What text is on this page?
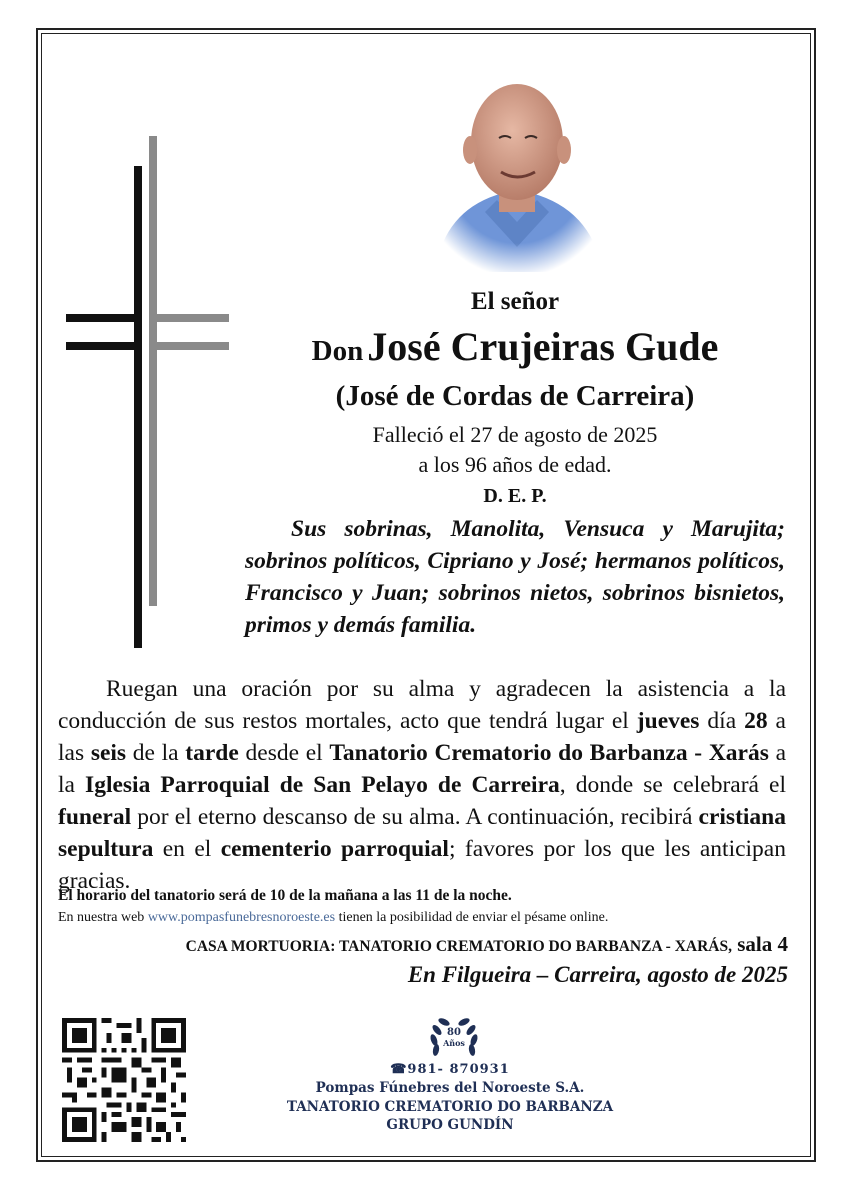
El señor
Don José Crujeiras Gude
(José de Cordas de Carreira)
Falleció el 27 de agosto de 2025
a los 96 años de edad.
D. E. P.
Sus sobrinas, Manolita, Vensuca y Marujita; sobrinos políticos, Cipriano y José; hermanos políticos, Francisco y Juan; sobrinos nietos, sobrinos bisnietos, primos y demás familia.
Ruegan una oración por su alma y agradecen la asistencia a la conducción de sus restos mortales, acto que tendrá lugar el jueves día 28 a las seis de la tarde desde el Tanatorio Crematorio do Barbanza - Xarás a la Iglesia Parroquial de San Pelayo de Carreira, donde se celebrará el funeral por el eterno descanso de su alma. A continuación, recibirá cristiana sepultura en el cementerio parroquial; favores por los que les anticipan gracias.
El horario del tanatorio será de 10 de la mañana a las 11 de la noche.
En nuestra web www.pompasfunebresnoroeste.es tienen la posibilidad de enviar el pésame online.
CASA MORTUORIA: TANATORIO CREMATORIO DO BARBANZA - XARÁS, sala 4
En Filgueira – Carreira, agosto de 2025
80
Años
☎981- 870931
Pompas Fúnebres del Noroeste S.A.
TANATORIO CREMATORIO DO BARBANZA
GRUPO GUNDÍN
